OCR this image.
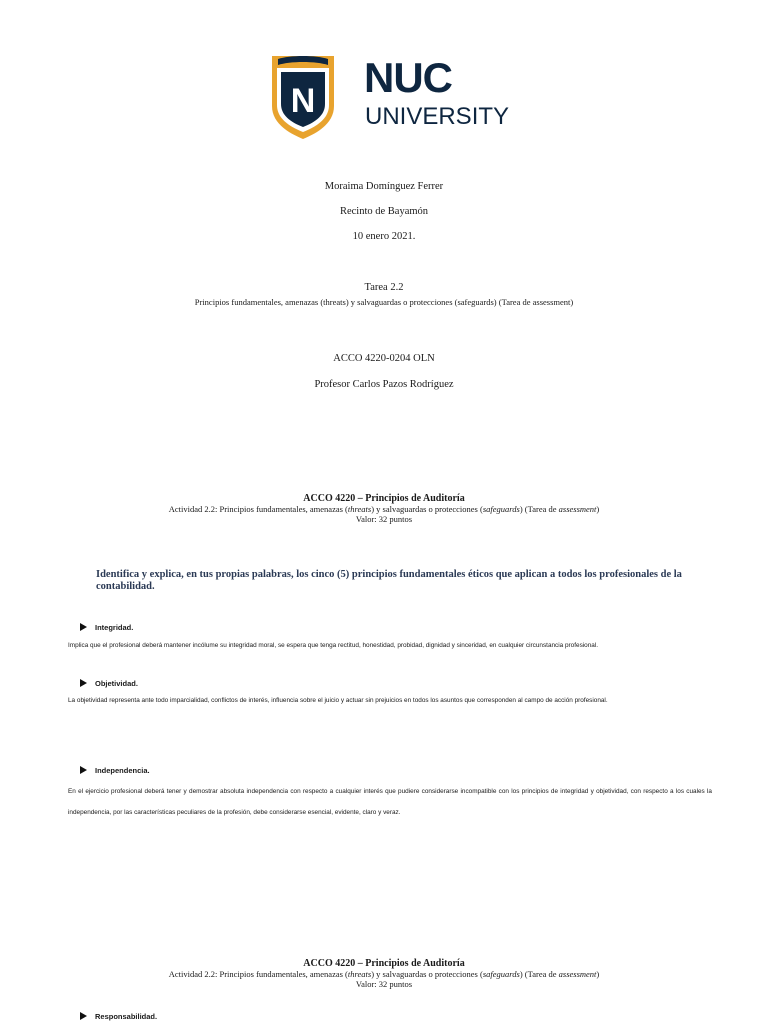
N NUC
UNIVERSITY
Moraima Domínguez Ferrer
Recinto de Bayamón
10 enero 2021.
Tarea 2.2
Principios fundamentales, amenazas (threats) y salvaguardas o protecciones (safeguards) (Tarea de assessment)
ACCO 4220-0204 OLN
Profesor Carlos Pazos Rodríguez
ACCO 4220 – Principios de Auditoría
Actividad 2.2: Principios fundamentales, amenazas (threats) y salvaguardas o protecciones (safeguards) (Tarea de assessment)
Valor: 32 puntos
Identifica y explica, en tus propias palabras, los cinco (5) principios fundamentales éticos que aplican a todos los profesionales de la contabilidad.
Integridad.
Implica que el profesional deberá mantener incólume su integridad moral, se espera que tenga rectitud, honestidad, probidad, dignidad y sinceridad, en cualquier circunstancia profesional.
Objetividad.
La objetividad representa ante todo imparcialidad, conflictos de interés, influencia sobre el juicio y actuar sin prejuicios en todos los asuntos que corresponden al campo de acción profesional.
Independencia.
En el ejercicio profesional deberá tener y demostrar absoluta independencia con respecto a cualquier interés que pudiere considerarse incompatible con los principios de integridad y objetividad, con respecto a los cuales la independencia, por las características peculiares de la profesión, debe considerarse esencial, evidente, claro y veraz.
ACCO 4220 – Principios de Auditoría
Actividad 2.2: Principios fundamentales, amenazas (threats) y salvaguardas o protecciones (safeguards) (Tarea de assessment)
Valor: 32 puntos
Responsabilidad.
